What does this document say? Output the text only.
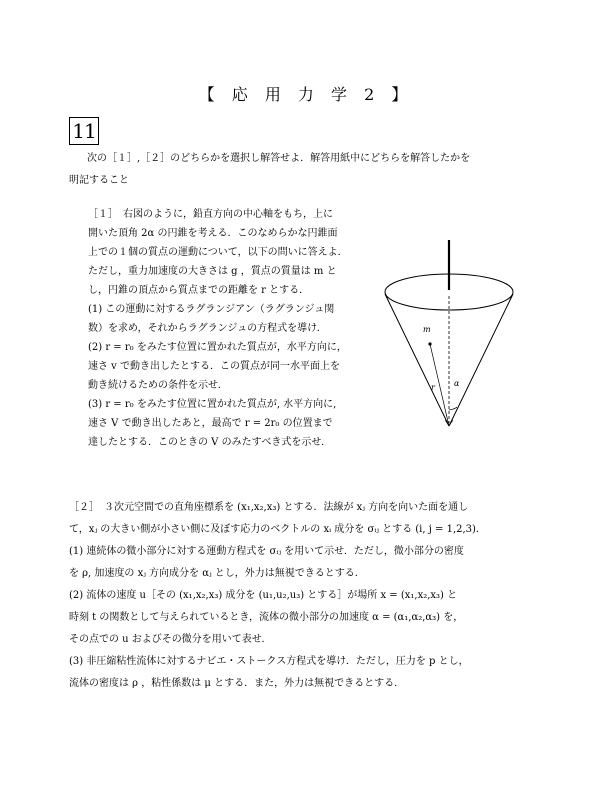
【 応 用 力 学 2 】
11
次の［１］,［２］のどちらかを選択し解答せよ．解答用紙中にどちらを解答したかを
明記すること
［１］　右図のように，鉛直方向の中心軸をもち，上に
開いた頂角 2α の円錐を考える．このなめらかな円錐面
上での１個の質点の運動について，以下の問いに答えよ．
ただし，重力加速度の大きさは g ，質点の質量は m と
し，円錐の頂点から質点までの距離を r とする．
(1) この運動に対するラグランジアン（ラグランジュ関
数）を求め，それからラグランジュの方程式を導け．
(2) r = r₀ をみたす位置に置かれた質点が，水平方向に，
速さ v で動き出したとする．この質点が同一水平面上を
動き続けるための条件を示せ．
(3) r = r₀ をみたす位置に置かれた質点が, 水平方向に,
速さ V で動き出したあと，最高で r = 2r₀ の位置まで
達したとする．このときの V のみたすべき式を示せ．
m
r α
［２］　３次元空間での直角座標系を (x₁,x₂,x₃) とする．法線が xⱼ 方向を向いた面を通し
て，xⱼ の大きい側が小さい側に及ぼす応力のベクトルの xᵢ 成分を σᵢⱼ とする (i, j = 1,2,3)．
(1) 連続体の微小部分に対する運動方程式を σᵢⱼ を用いて示せ．ただし，微小部分の密度
を ρ, 加速度の xⱼ 方向成分を αⱼ とし，外力は無視できるとする．
(2) 流体の速度 u［その (x₁,x₂,x₃) 成分を (u₁,u₂,u₃) とする］が場所 x = (x₁,x₂,x₃) と
時刻 t の関数として与えられているとき，流体の微小部分の加速度 α = (α₁,α₂,α₃) を，
その点での u およびその微分を用いて表せ．
(3) 非圧縮粘性流体に対するナビエ・ストークス方程式を導け．ただし，圧力を p とし，
流体の密度は ρ ，粘性係数は μ とする．また，外力は無視できるとする．
